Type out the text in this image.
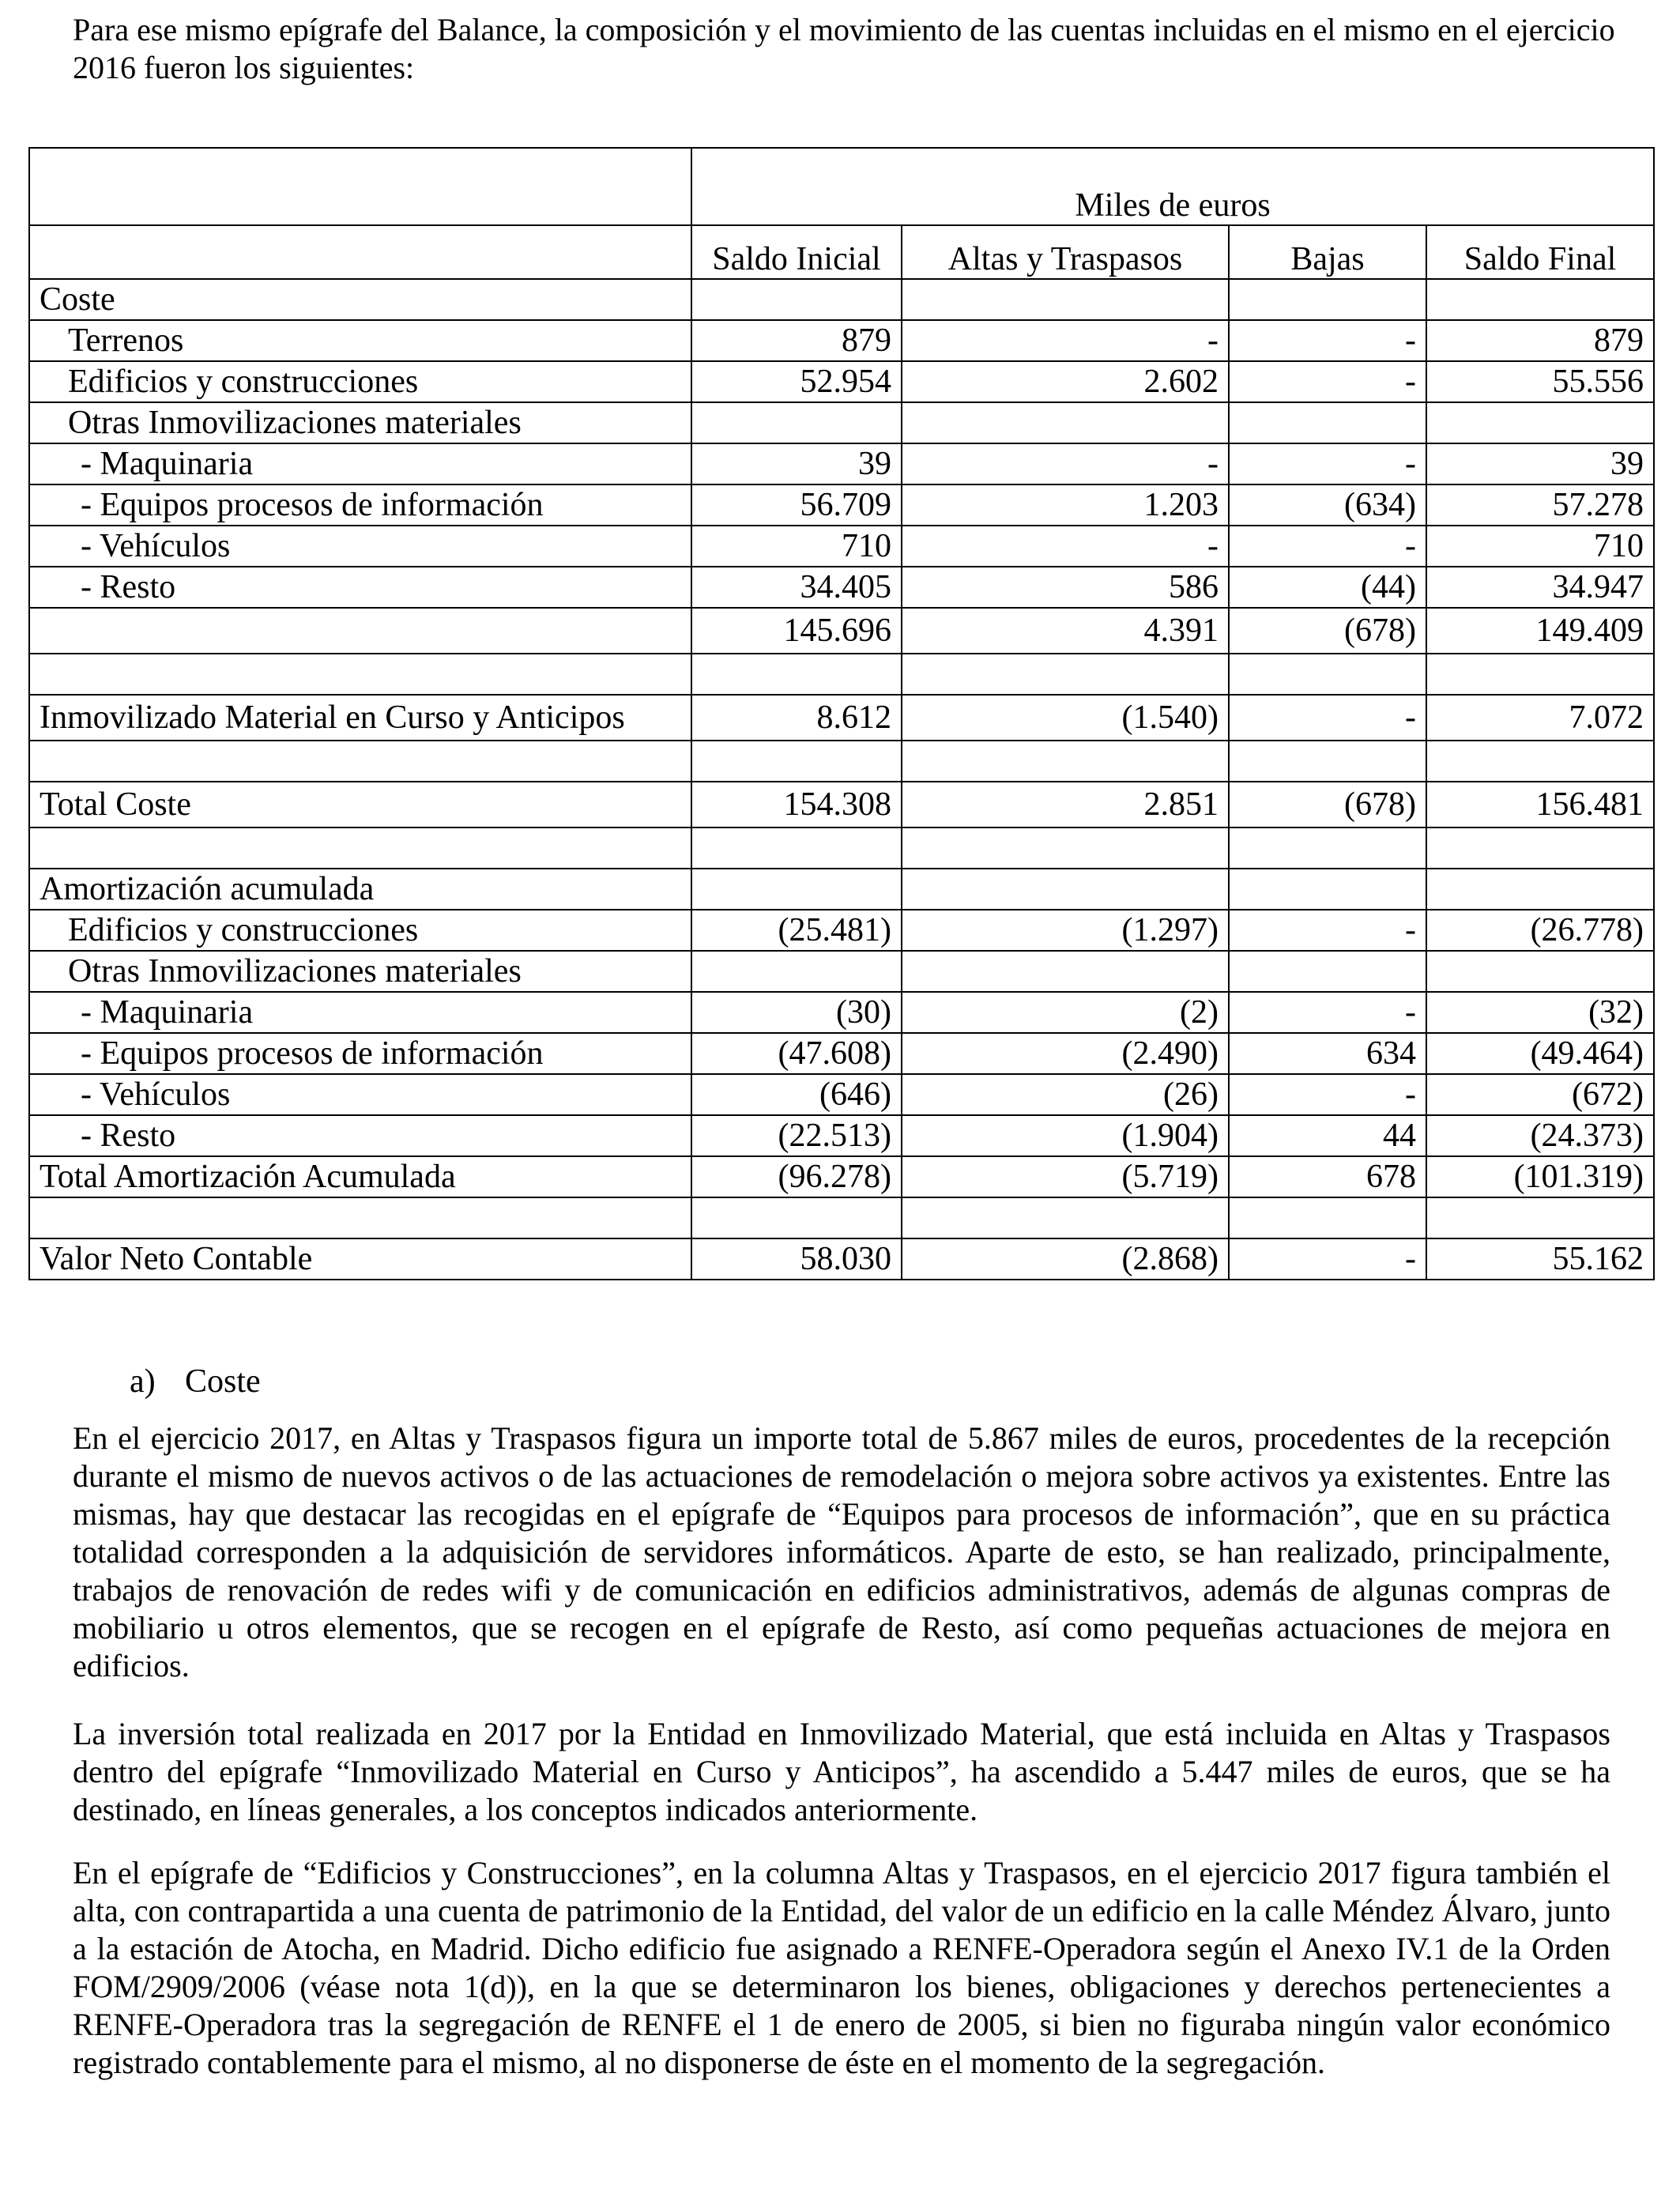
Para ese mismo epígrafe del Balance, la composición y el movimiento de las cuentas incluidas en el mismo en el ejercicio 2016 fueron los siguientes:

	Miles de euros			
	Saldo Inicial	Altas y Traspasos	Bajas	Saldo Final
Coste				
Terrenos	879	-	-	879
Edificios y construcciones	52.954	2.602	-	55.556
Otras Inmovilizaciones materiales				
- Maquinaria	39	-	-	39
- Equipos procesos de información	56.709	1.203	(634)	57.278
- Vehículos	710	-	-	710
- Resto	34.405	586	(44)	34.947
	145.696	4.391	(678)	149.409

Inmovilizado Material en Curso y Anticipos	8.612	(1.540)	-	7.072

Total Coste	154.308	2.851	(678)	156.481

Amortización acumulada				
Edificios y construcciones	(25.481)	(1.297)	-	(26.778)
Otras Inmovilizaciones materiales				
- Maquinaria	(30)	(2)	-	(32)
- Equipos procesos de información	(47.608)	(2.490)	634	(49.464)
- Vehículos	(646)	(26)	-	(672)
- Resto	(22.513)	(1.904)	44	(24.373)
Total Amortización Acumulada	(96.278)	(5.719)	678	(101.319)

Valor Neto Contable	58.030	(2.868)	-	55.162

a) Coste

En el ejercicio 2017, en Altas y Traspasos figura un importe total de 5.867 miles de euros, procedentes de la recepción durante el mismo de nuevos activos o de las actuaciones de remodelación o mejora sobre activos ya existentes. Entre las mismas, hay que destacar las recogidas en el epígrafe de “Equipos para procesos de información”, que en su práctica totalidad corresponden a la adquisición de servidores informáticos. Aparte de esto, se han realizado, principalmente, trabajos de renovación de redes wifi y de comunicación en edificios administrativos, además de algunas compras de mobiliario u otros elementos, que se recogen en el epígrafe de Resto, así como pequeñas actuaciones de mejora en edificios.

La inversión total realizada en 2017 por la Entidad en Inmovilizado Material, que está incluida en Altas y Traspasos dentro del epígrafe “Inmovilizado Material en Curso y Anticipos”, ha ascendido a 5.447 miles de euros, que se ha destinado, en líneas generales, a los conceptos indicados anteriormente.

En el epígrafe de “Edificios y Construcciones”, en la columna Altas y Traspasos, en el ejercicio 2017 figura también el alta, con contrapartida a una cuenta de patrimonio de la Entidad, del valor de un edificio en la calle Méndez Álvaro, junto a la estación de Atocha, en Madrid. Dicho edificio fue asignado a RENFE-Operadora según el Anexo IV.1 de la Orden FOM/2909/2006 (véase nota 1(d)), en la que se determinaron los bienes, obligaciones y derechos pertenecientes a RENFE-Operadora tras la segregación de RENFE el 1 de enero de 2005, si bien no figuraba ningún valor económico registrado contablemente para el mismo, al no disponerse de éste en el momento de la segregación.
